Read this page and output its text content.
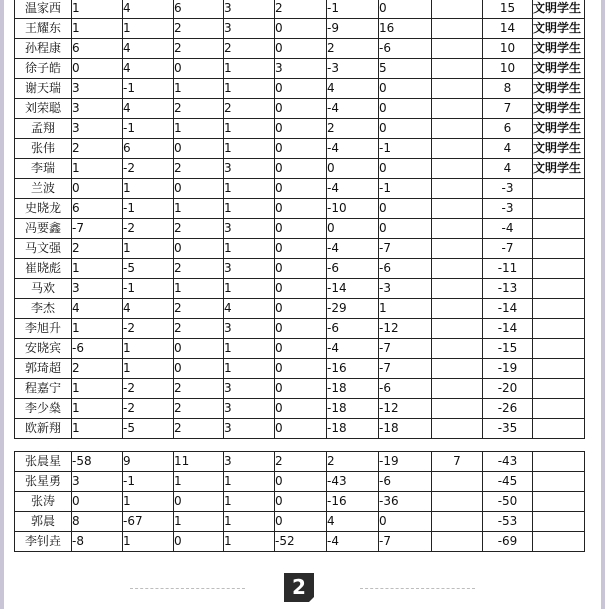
温家西	1	4	6	3	2	-1	0		15	文明学生
王耀东	1	1	2	3	0	-9	16		14	文明学生
孙程康	6	4	2	2	0	2	-6		10	文明学生
徐子皓	0	4	0	1	3	-3	5		10	文明学生
谢天瑞	3	-1	1	1	0	4	0		8	文明学生
刘荣聪	3	4	2	2	0	-4	0		7	文明学生
孟翔	3	-1	1	1	0	2	0		6	文明学生
张伟	2	6	0	1	0	-4	-1		4	文明学生
李瑞	1	-2	2	3	0	0	0		4	文明学生
兰波	0	1	0	1	0	-4	-1		-3	
史晓龙	6	-1	1	1	0	-10	0		-3	
冯要鑫	-7	-2	2	3	0	0	0		-4	
马文强	2	1	0	1	0	-4	-7		-7	
崔晓彪	1	-5	2	3	0	-6	-6		-11	
马欢	3	-1	1	1	0	-14	-3		-13	
李杰	4	4	2	4	0	-29	1		-14	
李旭升	1	-2	2	3	0	-6	-12		-14	
安晓宾	-6	1	0	1	0	-4	-7		-15	
郭琦超	2	1	0	1	0	-16	-7		-19	
程嘉宁	1	-2	2	3	0	-18	-6		-20	
李少燊	1	-2	2	3	0	-18	-12		-26	
欧新翔	1	-5	2	3	0	-18	-18		-35	
张晨星	-58	9	11	3	2	2	-19	7	-43	
张星勇	3	-1	1	1	0	-43	-6		-45	
张涛	0	1	0	1	0	-16	-36		-50	
郭晨	8	-67	1	1	0	4	0		-53	
李钊垚	-8	1	0	1	-52	-4	-7		-69	
2
